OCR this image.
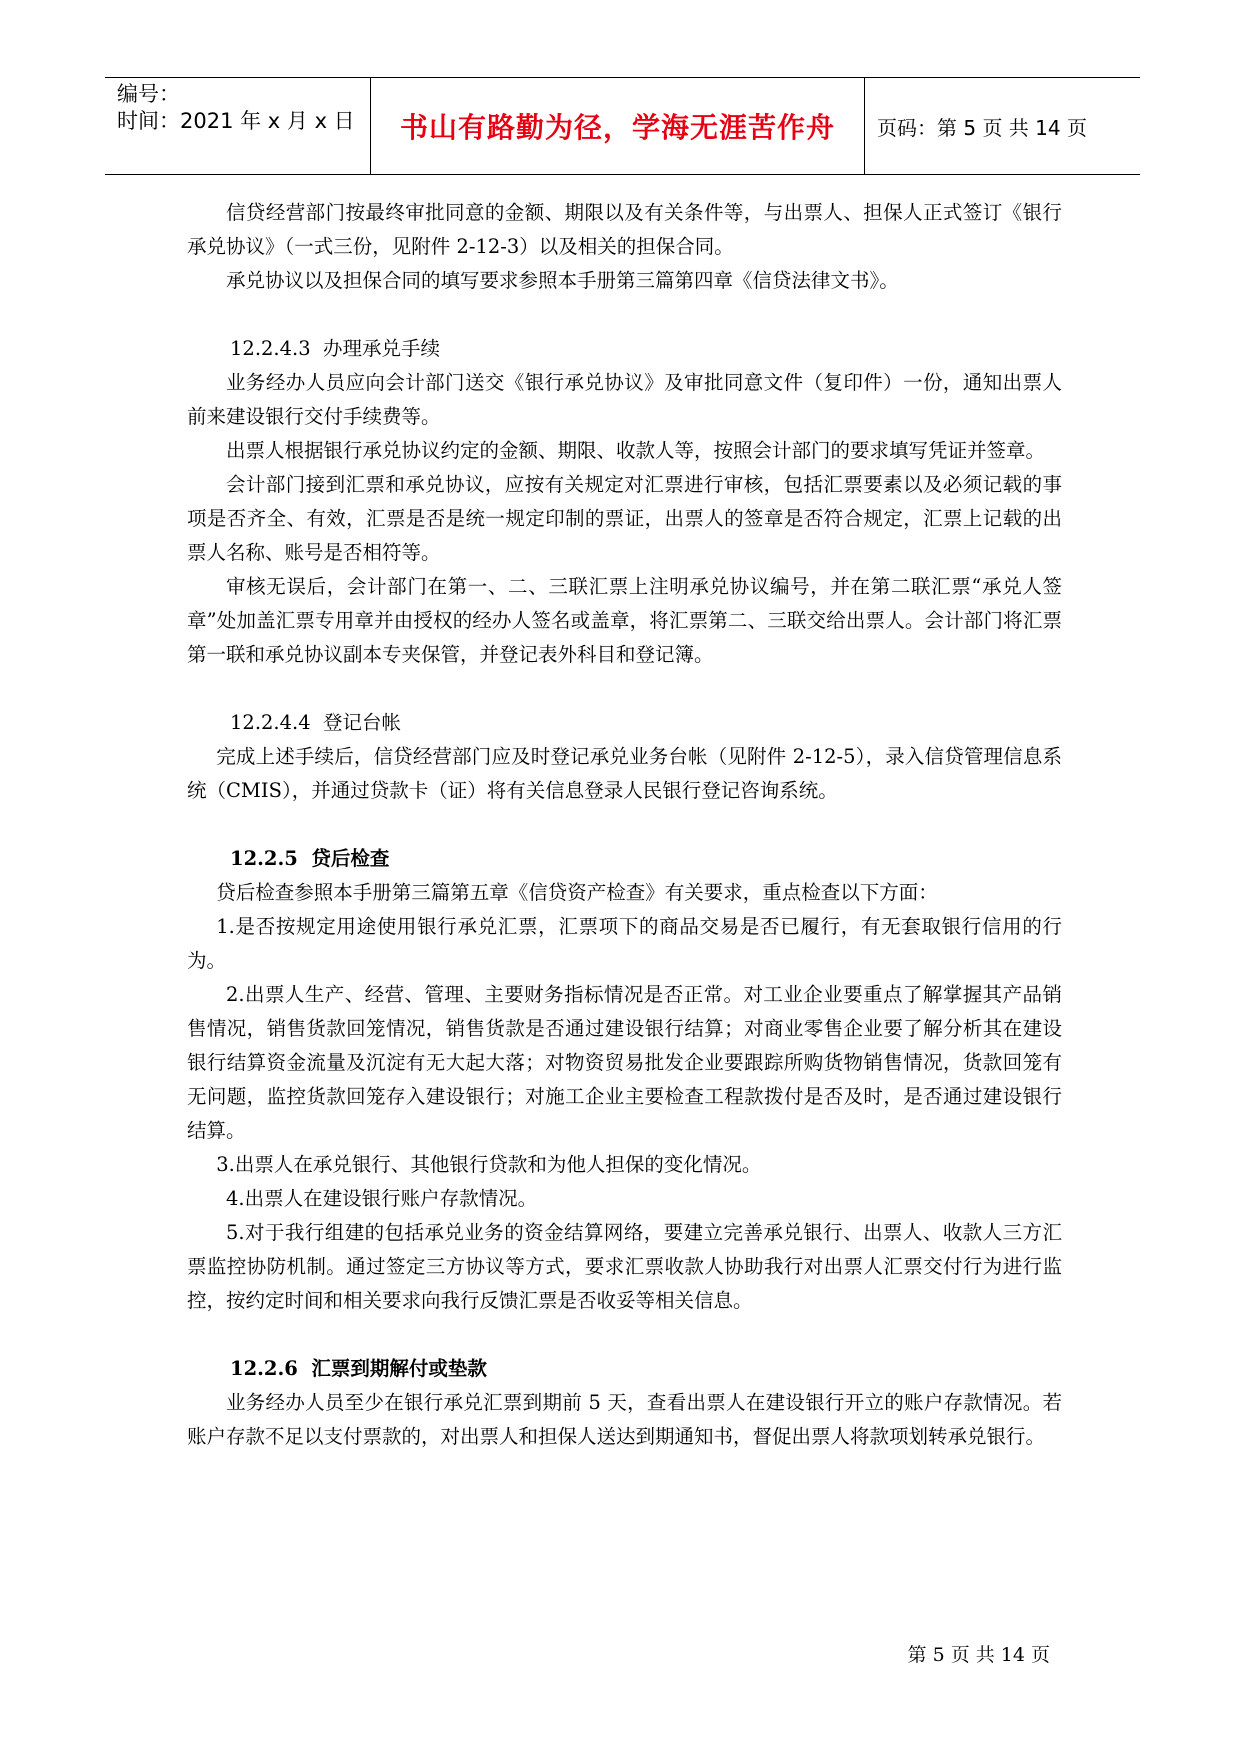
编号：
时间：2021 年 x 月 x 日 书山有路勤为径，学海无涯苦作舟 页码：第 5 页 共 14 页

信贷经营部门按最终审批同意的金额、期限以及有关条件等，与出票人、担保人正式签订《银行承兑协议》（一式三份，见附件 2-12-3）以及相关的担保合同。

承兑协议以及担保合同的填写要求参照本手册第三篇第四章《信贷法律文书》。

12.2.4.3  办理承兑手续

业务经办人员应向会计部门送交《银行承兑协议》及审批同意文件（复印件）一份，通知出票人前来建设银行交付手续费等。

出票人根据银行承兑协议约定的金额、期限、收款人等，按照会计部门的要求填写凭证并签章。

会计部门接到汇票和承兑协议，应按有关规定对汇票进行审核，包括汇票要素以及必须记载的事项是否齐全、有效，汇票是否是统一规定印制的票证，出票人的签章是否符合规定，汇票上记载的出票人名称、账号是否相符等。

审核无误后，会计部门在第一、二、三联汇票上注明承兑协议编号，并在第二联汇票“承兑人签章”处加盖汇票专用章并由授权的经办人签名或盖章，将汇票第二、三联交给出票人。会计部门将汇票第一联和承兑协议副本专夹保管，并登记表外科目和登记簿。

12.2.4.4  登记台帐

完成上述手续后，信贷经营部门应及时登记承兑业务台帐（见附件 2-12-5），录入信贷管理信息系统（CMIS），并通过贷款卡（证）将有关信息登录人民银行登记咨询系统。

12.2.5  贷后检查

贷后检查参照本手册第三篇第五章《信贷资产检查》有关要求，重点检查以下方面：

1.是否按规定用途使用银行承兑汇票，汇票项下的商品交易是否已履行，有无套取银行信用的行为。

2.出票人生产、经营、管理、主要财务指标情况是否正常。对工业企业要重点了解掌握其产品销售情况，销售货款回笼情况，销售货款是否通过建设银行结算；对商业零售企业要了解分析其在建设银行结算资金流量及沉淀有无大起大落；对物资贸易批发企业要跟踪所购货物销售情况，货款回笼有无问题，监控货款回笼存入建设银行；对施工企业主要检查工程款拨付是否及时，是否通过建设银行结算。

3.出票人在承兑银行、其他银行贷款和为他人担保的变化情况。

4.出票人在建设银行账户存款情况。

5.对于我行组建的包括承兑业务的资金结算网络，要建立完善承兑银行、出票人、收款人三方汇票监控协防机制。通过签定三方协议等方式，要求汇票收款人协助我行对出票人汇票交付行为进行监控，按约定时间和相关要求向我行反馈汇票是否收妥等相关信息。

12.2.6  汇票到期解付或垫款

业务经办人员至少在银行承兑汇票到期前 5 天，查看出票人在建设银行开立的账户存款情况。若账户存款不足以支付票款的，对出票人和担保人送达到期通知书，督促出票人将款项划转承兑银行。

第 5 页 共 14 页
